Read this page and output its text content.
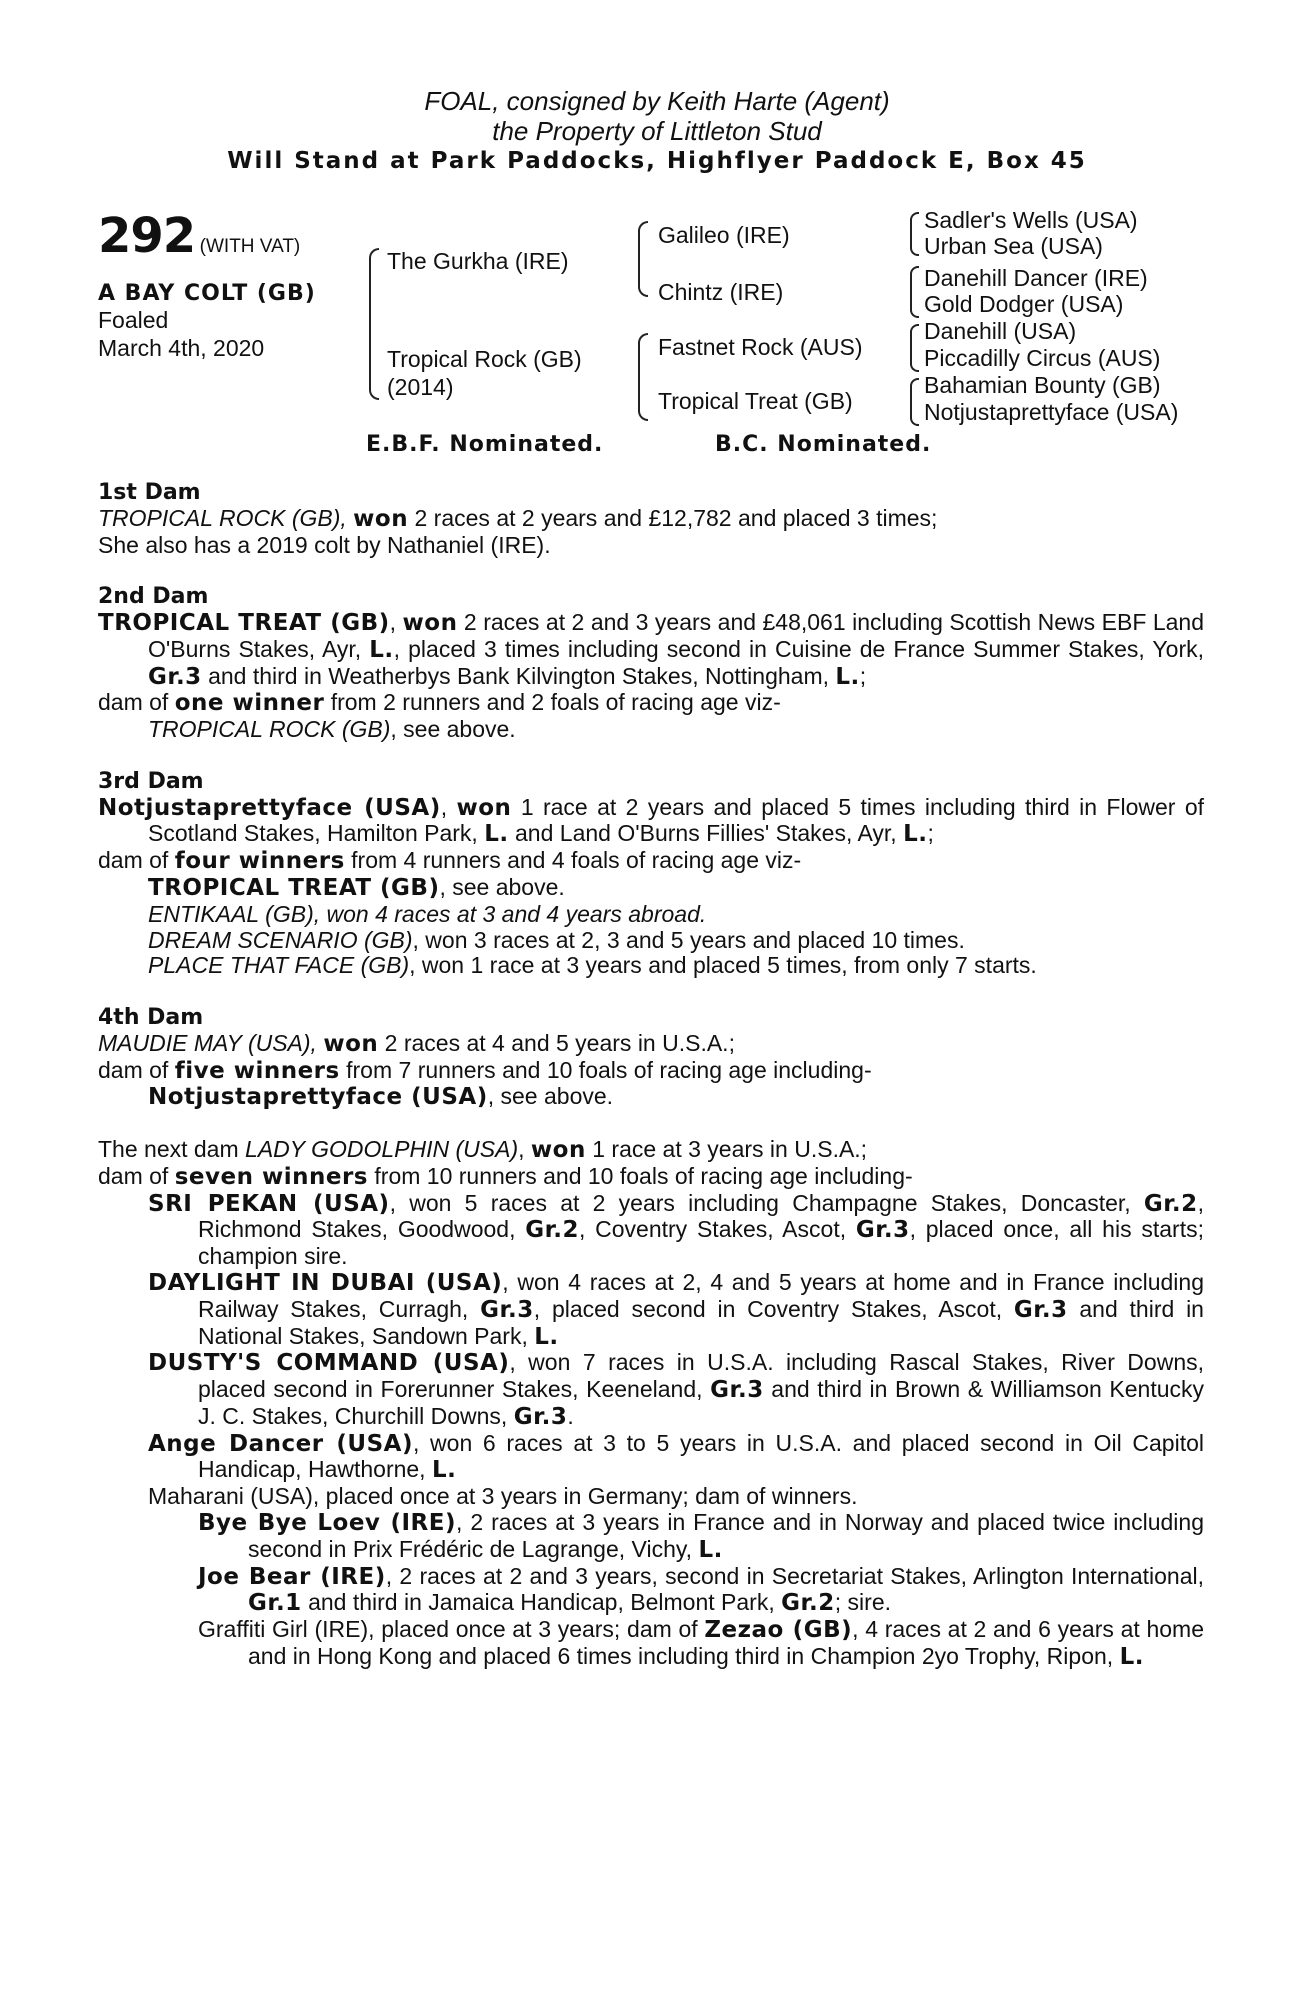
FOAL, consigned by Keith Harte (Agent)
the Property of Littleton Stud
Will Stand at Park Paddocks, Highflyer Paddock E, Box 45
292 (WITH VAT)
A BAY COLT (GB)
Foaled
March 4th, 2020
The Gurkha (IRE)
Tropical Rock (GB)
(2014)
Galileo (IRE)
Chintz (IRE)
Fastnet Rock (AUS)
Tropical Treat (GB)
Sadler's Wells (USA)
Urban Sea (USA)
Danehill Dancer (IRE)
Gold Dodger (USA)
Danehill (USA)
Piccadilly Circus (AUS)
Bahamian Bounty (GB)
Notjustaprettyface (USA)
E.B.F. Nominated.	B.C. Nominated.

1st Dam

TROPICAL ROCK (GB), won 2 races at 2 years and £12,782 and placed 3 times;

She also has a 2019 colt by Nathaniel (IRE).

2nd Dam

TROPICAL TREAT (GB), won 2 races at 2 and 3 years and £48,061 including Scottish News EBF Land O'Burns Stakes, Ayr, L., placed 3 times including second in Cuisine de France Summer Stakes, York, Gr.3 and third in Weatherbys Bank Kilvington Stakes, Nottingham, L.;

dam of one winner from 2 runners and 2 foals of racing age viz-

TROPICAL ROCK (GB), see above.

3rd Dam

Notjustaprettyface (USA), won 1 race at 2 years and placed 5 times including third in Flower of Scotland Stakes, Hamilton Park, L. and Land O'Burns Fillies' Stakes, Ayr, L.;

dam of four winners from 4 runners and 4 foals of racing age viz-

TROPICAL TREAT (GB), see above.

ENTIKAAL (GB), won 4 races at 3 and 4 years abroad.

DREAM SCENARIO (GB), won 3 races at 2, 3 and 5 years and placed 10 times.

PLACE THAT FACE (GB), won 1 race at 3 years and placed 5 times, from only 7 starts.

4th Dam

MAUDIE MAY (USA), won 2 races at 4 and 5 years in U.S.A.;

dam of five winners from 7 runners and 10 foals of racing age including-

Notjustaprettyface (USA), see above.

The next dam LADY GODOLPHIN (USA), won 1 race at 3 years in U.S.A.;

dam of seven winners from 10 runners and 10 foals of racing age including-

SRI PEKAN (USA), won 5 races at 2 years including Champagne Stakes, Doncaster, Gr.2, Richmond Stakes, Goodwood, Gr.2, Coventry Stakes, Ascot, Gr.3, placed once, all his starts; champion sire.

DAYLIGHT IN DUBAI (USA), won 4 races at 2, 4 and 5 years at home and in France including Railway Stakes, Curragh, Gr.3, placed second in Coventry Stakes, Ascot, Gr.3 and third in National Stakes, Sandown Park, L.

DUSTY'S COMMAND (USA), won 7 races in U.S.A. including Rascal Stakes, River Downs, placed second in Forerunner Stakes, Keeneland, Gr.3 and third in Brown & Williamson Kentucky J. C. Stakes, Churchill Downs, Gr.3.

Ange Dancer (USA), won 6 races at 3 to 5 years in U.S.A. and placed second in Oil Capitol Handicap, Hawthorne, L.

Maharani (USA), placed once at 3 years in Germany; dam of winners.

Bye Bye Loev (IRE), 2 races at 3 years in France and in Norway and placed twice including second in Prix Frédéric de Lagrange, Vichy, L.

Joe Bear (IRE), 2 races at 2 and 3 years, second in Secretariat Stakes, Arlington International, Gr.1 and third in Jamaica Handicap, Belmont Park, Gr.2; sire.

Graffiti Girl (IRE), placed once at 3 years; dam of Zezao (GB), 4 races at 2 and 6 years at home and in Hong Kong and placed 6 times including third in Champion 2yo Trophy, Ripon, L.
